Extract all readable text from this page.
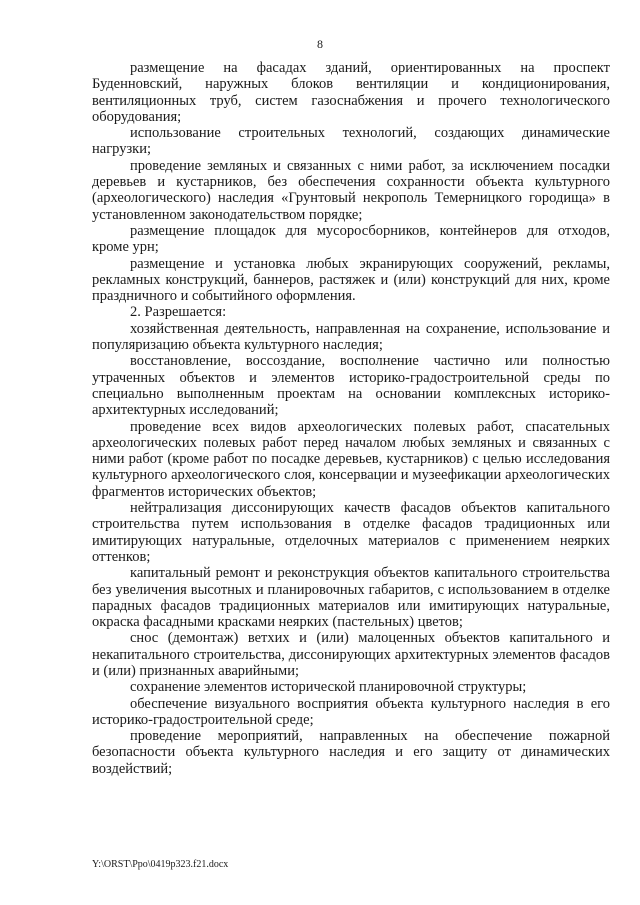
8

размещение на фасадах зданий, ориентированных на проспект Буденновский, наружных блоков вентиляции и кондиционирования, вентиляционных труб, систем газоснабжения и прочего технологического оборудования;

использование строительных технологий, создающих динамические нагрузки;

проведение земляных и связанных с ними работ, за исключением посадки деревьев и кустарников, без обеспечения сохранности объекта культурного (археологического) наследия «Грунтовый некрополь Темерницкого городища» в установленном законодательством порядке;

размещение площадок для мусоросборников, контейнеров для отходов, кроме урн;

размещение и установка любых экранирующих сооружений, рекламы, рекламных конструкций, баннеров, растяжек и (или) конструкций для них, кроме праздничного и событийного оформления.

2. Разрешается:

хозяйственная деятельность, направленная на сохранение, использование и популяризацию объекта культурного наследия;

восстановление, воссоздание, восполнение частично или полностью утраченных объектов и элементов историко-градостроительной среды по специально выполненным проектам на основании комплексных историко-архитектурных исследований;

проведение всех видов археологических полевых работ, спасательных археологических полевых работ перед началом любых земляных и связанных с ними работ (кроме работ по посадке деревьев, кустарников) с целью исследования культурного археологического слоя, консервации и музеефикации археологических фрагментов исторических объектов;

нейтрализация диссонирующих качеств фасадов объектов капитального строительства путем использования в отделке фасадов традиционных или имитирующих натуральные, отделочных материалов с применением неярких оттенков;

капитальный ремонт и реконструкция объектов капитального строительства без увеличения высотных и планировочных габаритов, с использованием в отделке парадных фасадов традиционных материалов или имитирующих натуральные, окраска фасадными красками неярких (пастельных) цветов;

снос (демонтаж) ветхих и (или) малоценных объектов капитального и некапитального строительства, диссонирующих архитектурных элементов фасадов и (или) признанных аварийными;

сохранение элементов исторической планировочной структуры;

обеспечение визуального восприятия объекта культурного наследия в его историко-градостроительной среде;

проведение мероприятий, направленных на обеспечение пожарной безопасности объекта культурного наследия и его защиту от динамических воздействий;

Y:\ORST\Ppo\0419p323.f21.docx
